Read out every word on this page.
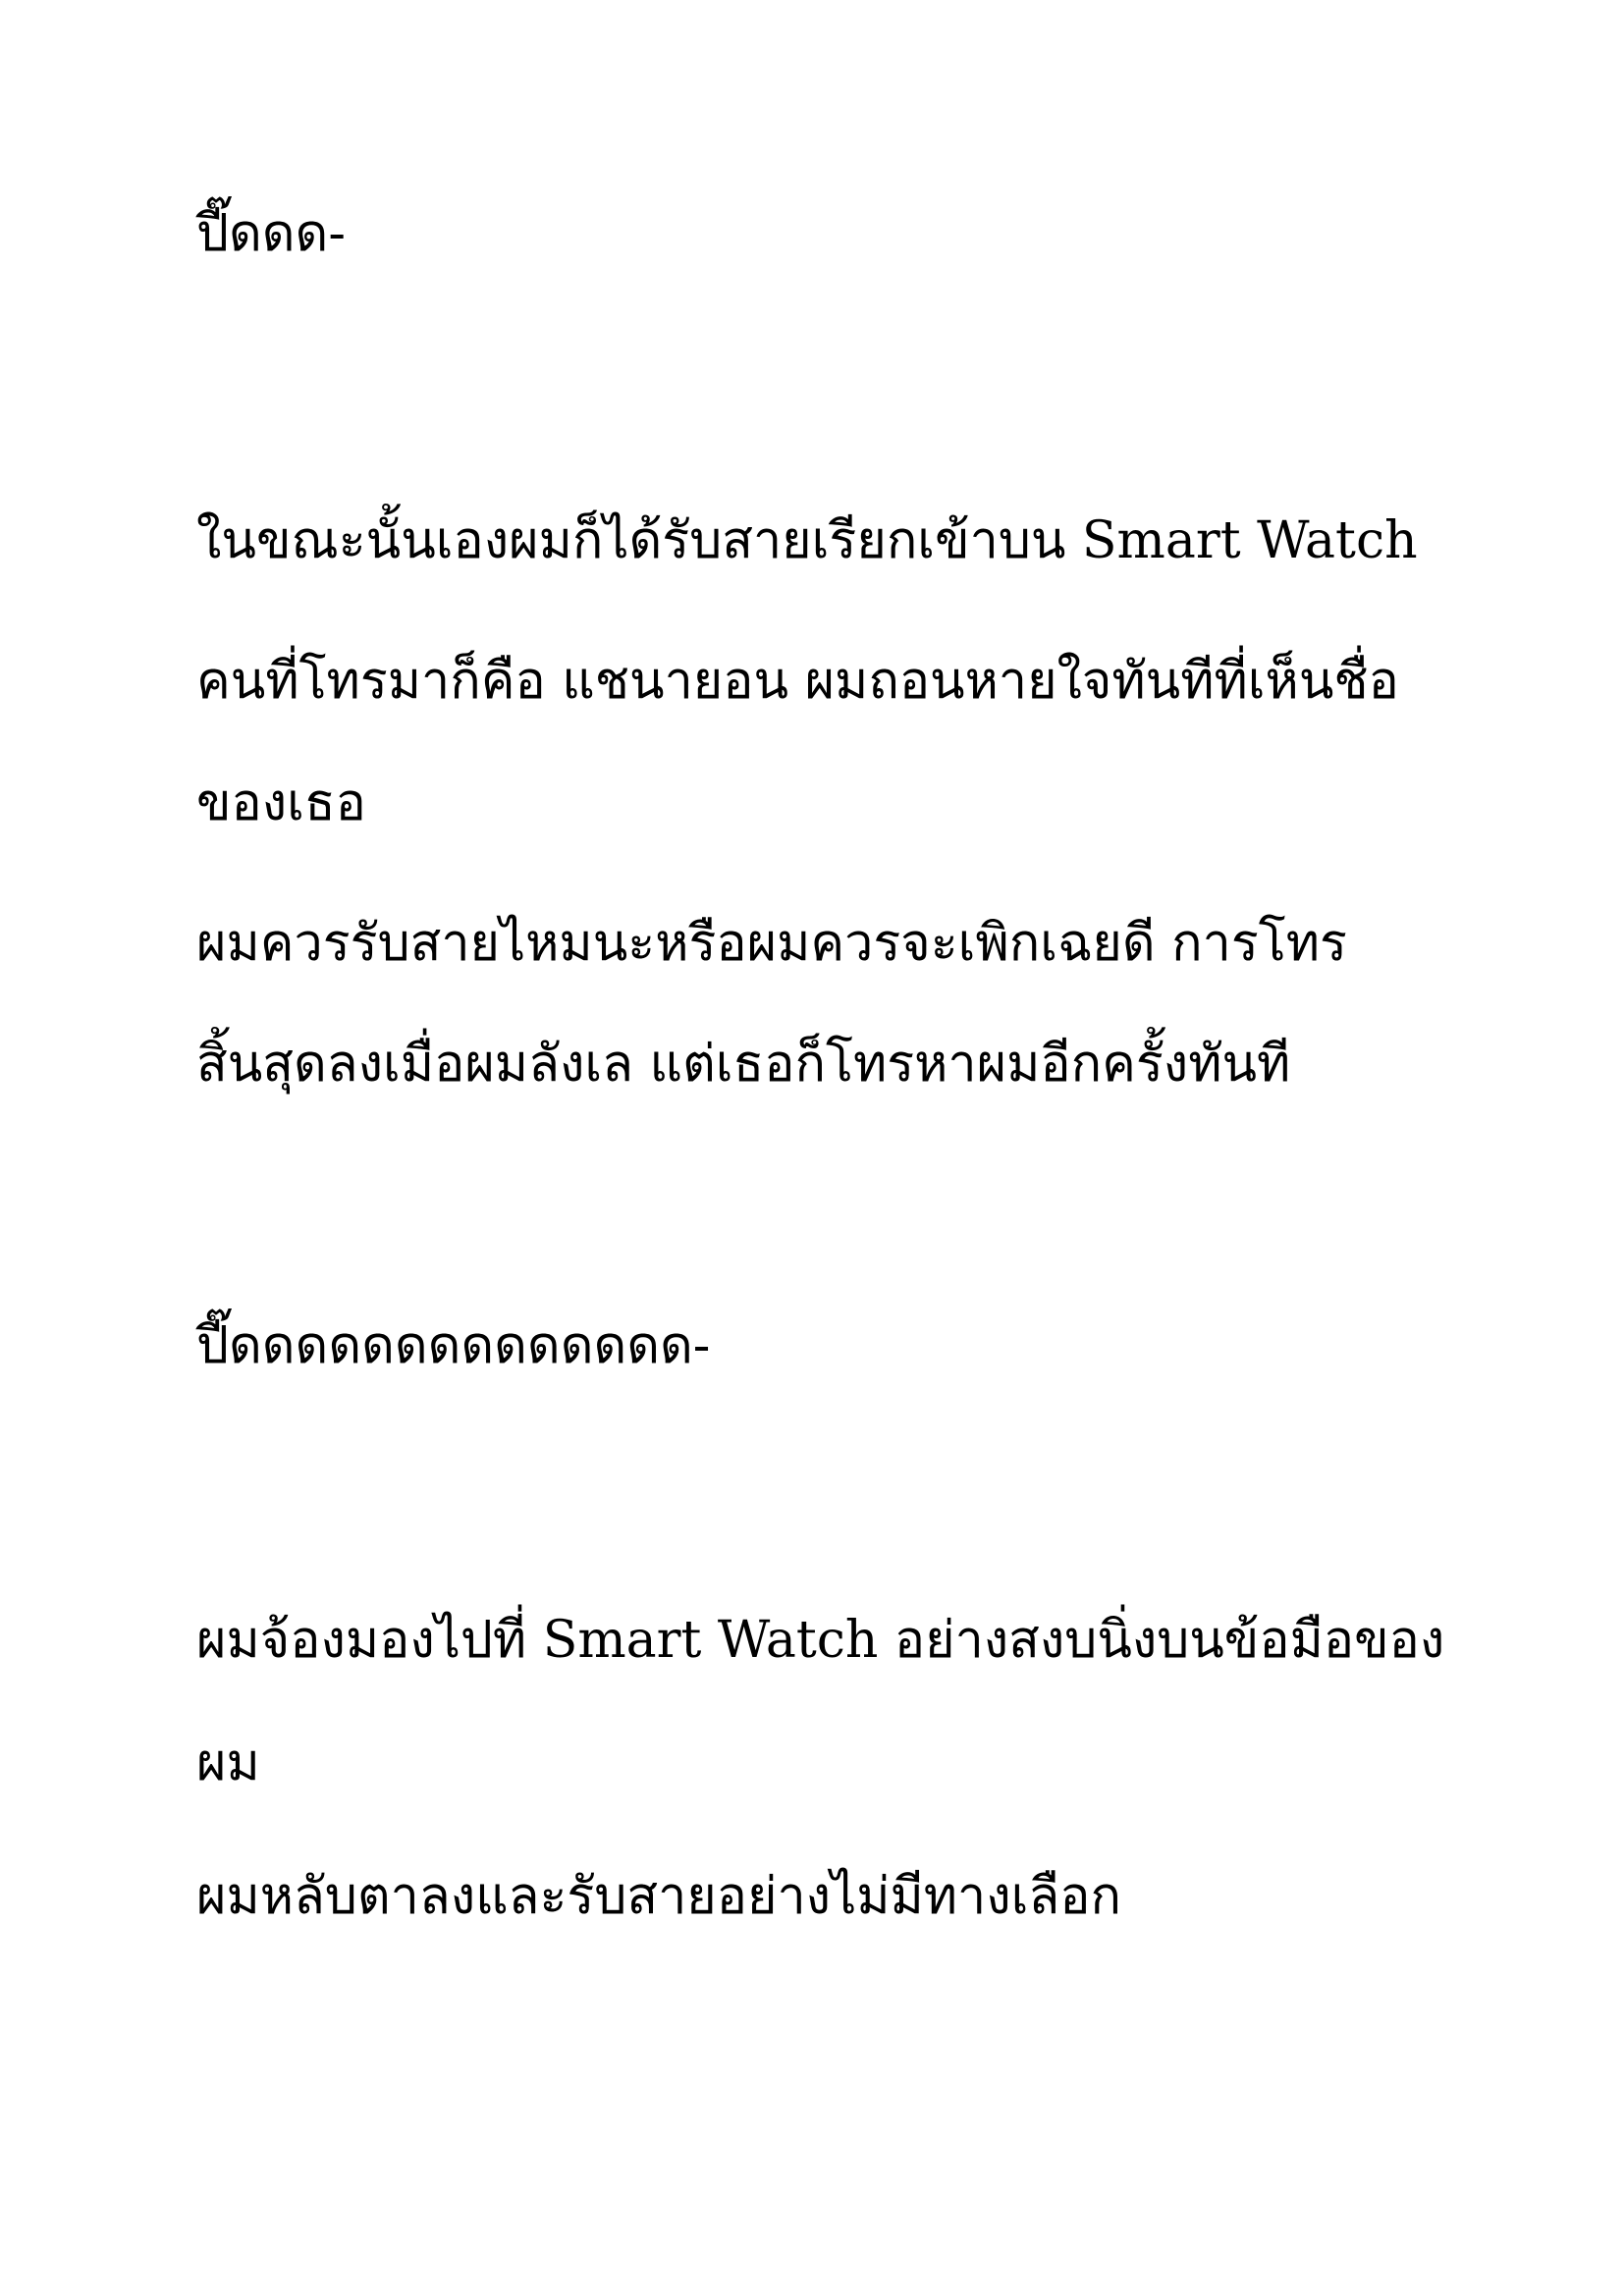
ปี๊ดดด-
ในขณะนั้นเองผมก็ได้รับสายเรียกเข้าบน Smart Watch
คนที่โทรมาก็คือ แชนายอน ผมถอนหายใจทันทีที่เห็นชื่อ
ของเธอ
ผมควรรับสายไหมนะหรือผมควรจะเพิกเฉยดี การโทร
สิ้นสุดลงเมื่อผมลังเล แต่เธอก็โทรหาผมอีกครั้งทันที
ปี๊ดดดดดดดดดดดดดด-
ผมจ้องมองไปที่ Smart Watch อย่างสงบนิ่งบนข้อมือของ
ผม
ผมหลับตาลงและรับสายอย่างไม่มีทางเลือก
